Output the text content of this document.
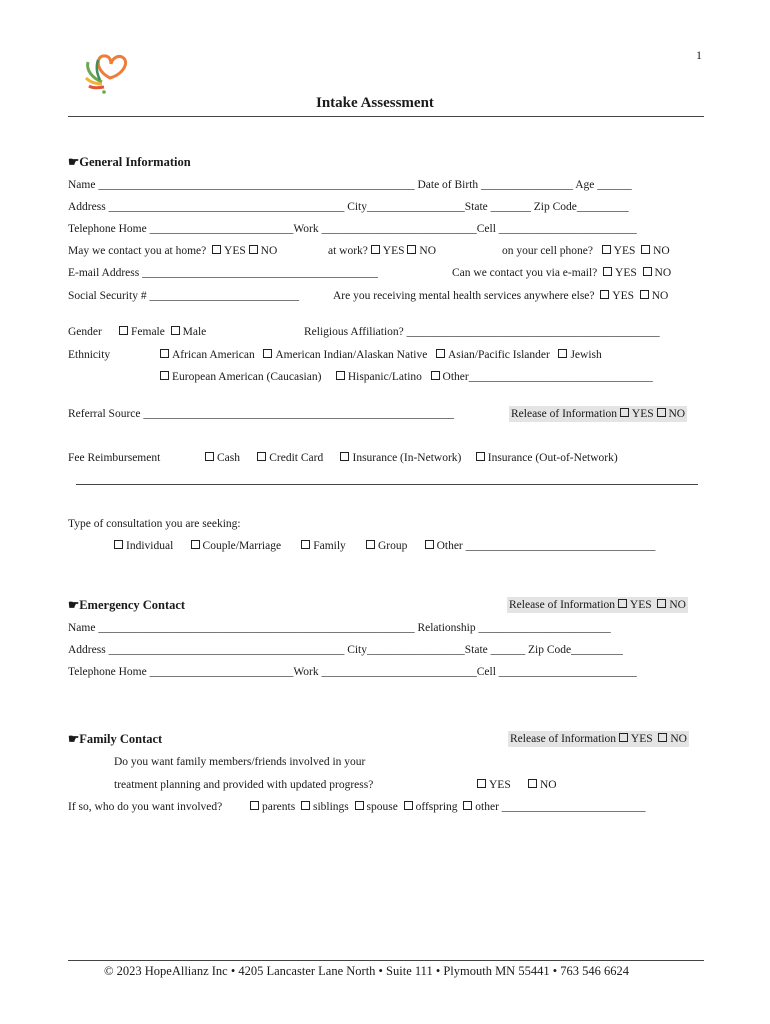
1
Intake Assessment
☛General Information
Name _______________________________________________________ Date of Birth ________________ Age ______
Address _________________________________________ City_________________State _______ Zip Code_________
Telephone Home _________________________Work ___________________________Cell ________________________
May we contact you at home? YES NO	at work? YES NO	on your cell phone? YES NO
E-mail Address _________________________________________	Can we contact you via e-mail? YES NO
Social Security # __________________________	Are you receiving mental health services anywhere else? YES NO
Gender	Female Male	Religious Affiliation? ____________________________________________
Ethnicity	African American American Indian/Alaskan Native Asian/Pacific Islander Jewish
European American (Caucasian) Hispanic/Latino Other________________________________
Referral Source ______________________________________________________	Release of Information YES NO
Fee Reimbursement	Cash	Credit Card	Insurance (In-Network) Insurance (Out-of-Network)
Type of consultation you are seeking:
Individual	Couple/Marriage	Family	Group	Other _________________________________
☛Emergency Contact	Release of Information YES NO
Name _______________________________________________________ Relationship _______________________
Address _________________________________________ City_________________State ______ Zip Code_________
Telephone Home _________________________Work ___________________________Cell ________________________
☛Family Contact	Release of Information YES NO
Do you want family members/friends involved in your
treatment planning and provided with updated progress?	YES	NO
If so, who do you want involved?	parents siblings spouse offspring other _________________________
© 2023 HopeAllianz Inc • 4205 Lancaster Lane North • Suite 111 • Plymouth MN 55441 • 763 546 6624
